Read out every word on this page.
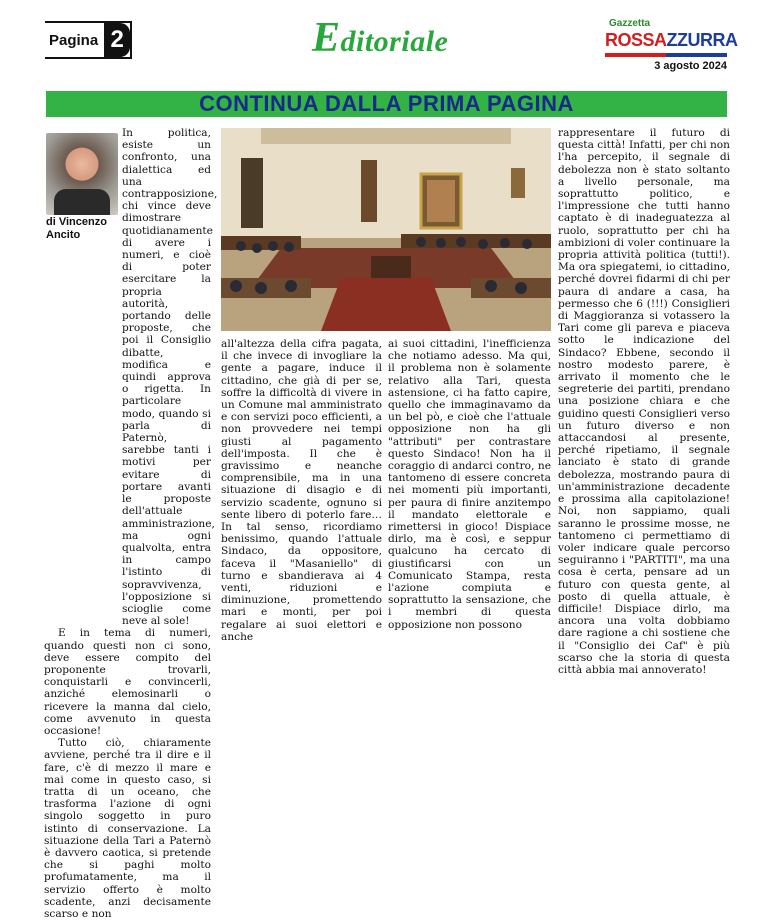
Pagina 2	Editoriale
Gazzetta
ROSSAZZURRA
3 agosto 2024
CONTINUA DALLA PRIMA PAGINA
di Vincenzo
Ancito

In politica, esiste un confronto, una dialettica ed una contrapposizione, chi vince deve dimostrare quotidianamente di avere i numeri, e cioè di poter esercitare la propria autorità, portando delle proposte, che poi il Consiglio dibatte, modifica e quindi approva o rigetta. In particolare modo, quando si parla di Paternò, sarebbe tanti i motivi per evitare di portare avanti le proposte dell'attuale amministrazione, ma ogni qualvolta, entra in campo l'istinto di sopravvivenza, l'opposizione si scioglie come neve al sole!

E in tema di numeri, quando questi non ci sono, deve essere compito del proponente trovarli, conquistarli e convincerli, anziché elemosinarli o ricevere la manna dal cielo, come avvenuto in questa occasione!

Tutto ciò, chiaramente avviene, perché tra il dire e il fare, c'è di mezzo il mare e mai come in questo caso, si tratta di un oceano, che trasforma l'azione di ogni singolo soggetto in puro istinto di conservazione. La situazione della Tari a Paternò è davvero caotica, si pretende che si paghi molto profumatamente, ma il servizio offerto è molto scadente, anzi decisamente scarso e non

all'altezza della cifra pagata, il che invece di invogliare la gente a pagare, induce il cittadino, che già di per se, soffre la difficoltà di vivere in un Comune mal amministrato e con servizi poco efficienti, a non provvedere nei tempi giusti al pagamento dell'imposta. Il che è gravissimo e neanche comprensibile, ma in una situazione di disagio e di servizio scadente, ognuno si sente libero di poterlo fare… In tal senso, ricordiamo benissimo, quando l'attuale Sindaco, da oppositore, faceva il "Masaniello" di turno e sbandierava ai 4 venti, riduzioni e diminuzione, promettendo mari e monti, per poi regalare ai suoi elettori e anche

ai suoi cittadini, l'inefficienza che notiamo adesso. Ma qui, il problema non è solamente relativo alla Tari, questa astensione, ci ha fatto capire, quello che immaginavamo da un bel pò, e cioè che l'attuale opposizione non ha gli "attributi" per contrastare questo Sindaco! Non ha il coraggio di andarci contro, ne tantomeno di essere concreta nei momenti più importanti, per paura di finire anzitempo il mandato elettorale e rimettersi in gioco! Dispiace dirlo, ma è così, e seppur qualcuno ha cercato di giustificarsi con un Comunicato Stampa, resta l'azione compiuta e soprattutto la sensazione, che i membri di questa opposizione non possono

rappresentare il futuro di questa città! Infatti, per chi non l'ha percepito, il segnale di debolezza non è stato soltanto a livello personale, ma soprattutto politico, e l'impressione che tutti hanno captato è di inadeguatezza al ruolo, soprattutto per chi ha ambizioni di voler continuare la propria attività politica (tutti!). Ma ora spiegatemi, io cittadino, perché dovrei fidarmi di chi per paura di andare a casa, ha permesso che 6 (!!!) Consiglieri di Maggioranza si votassero la Tari come gli pareva e piaceva sotto le indicazione del Sindaco? Ebbene, secondo il nostro modesto parere, è arrivato il momento che le segreterie dei partiti, prendano una posizione chiara e che guidino questi Consiglieri verso un futuro diverso e non attaccandosi al presente, perché ripetiamo, il segnale lanciato è stato di grande debolezza, mostrando paura di un'amministrazione decadente e prossima alla capitolazione! Noi, non sappiamo, quali saranno le prossime mosse, ne tantomeno ci permettiamo di voler indicare quale percorso seguiranno i "PARTITI", ma una cosa è certa, pensare ad un futuro con questa gente, al posto di quella attuale, è difficile! Dispiace dirlo, ma ancora una volta dobbiamo dare ragione a chi sostiene che il "Consiglio dei Caf" è più scarso che la storia di questa città abbia mai annoverato!
